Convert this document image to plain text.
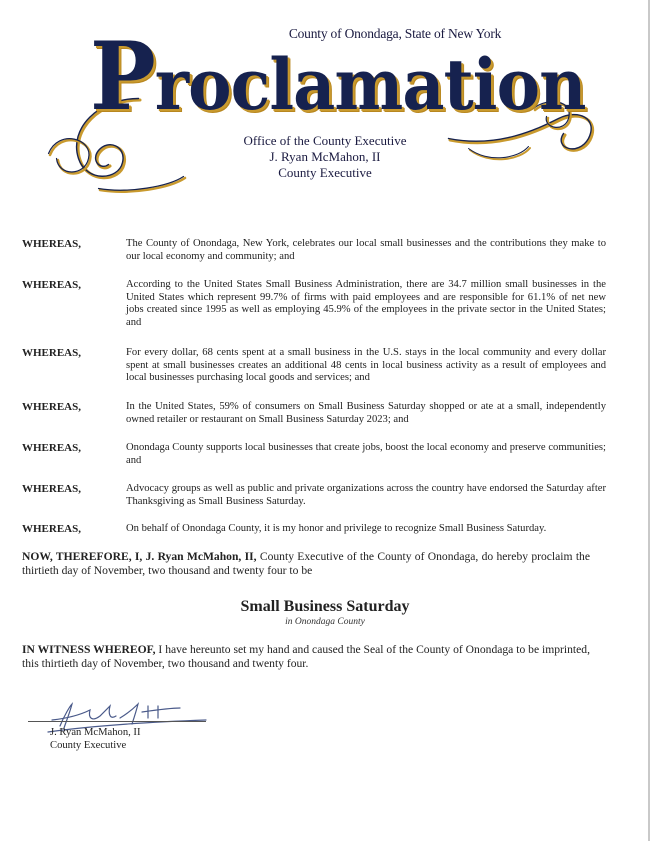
County of Onondaga, State of New York
Proclamation
Office of the County Executive
J. Ryan McMahon, II
County Executive
WHEREAS,	The County of Onondaga, New York, celebrates our local small businesses and the contributions they make to our local economy and community; and
WHEREAS,	According to the United States Small Business Administration, there are 34.7 million small businesses in the United States which represent 99.7% of firms with paid employees and are responsible for 61.1% of net new jobs created since 1995 as well as employing 45.9% of the employees in the private sector in the United States; and
WHEREAS,	For every dollar, 68 cents spent at a small business in the U.S. stays in the local community and every dollar spent at small businesses creates an additional 48 cents in local business activity as a result of employees and local businesses purchasing local goods and services; and
WHEREAS,	In the United States, 59% of consumers on Small Business Saturday shopped or ate at a small, independently owned retailer or restaurant on Small Business Saturday 2023; and
WHEREAS,	Onondaga County supports local businesses that create jobs, boost the local economy and preserve communities; and
WHEREAS,	Advocacy groups as well as public and private organizations across the country have endorsed the Saturday after Thanksgiving as Small Business Saturday.
WHEREAS,	On behalf of Onondaga County, it is my honor and privilege to recognize Small Business Saturday.
NOW, THEREFORE, I, J. Ryan McMahon, II, County Executive of the County of Onondaga, do hereby proclaim the thirtieth day of November, two thousand and twenty four to be
Small Business Saturday
in Onondaga County
IN WITNESS WHEREOF, I have hereunto set my hand and caused the Seal of the County of Onondaga to be imprinted, this thirtieth day of November, two thousand and twenty four.
J. Ryan McMahon, II
County Executive
